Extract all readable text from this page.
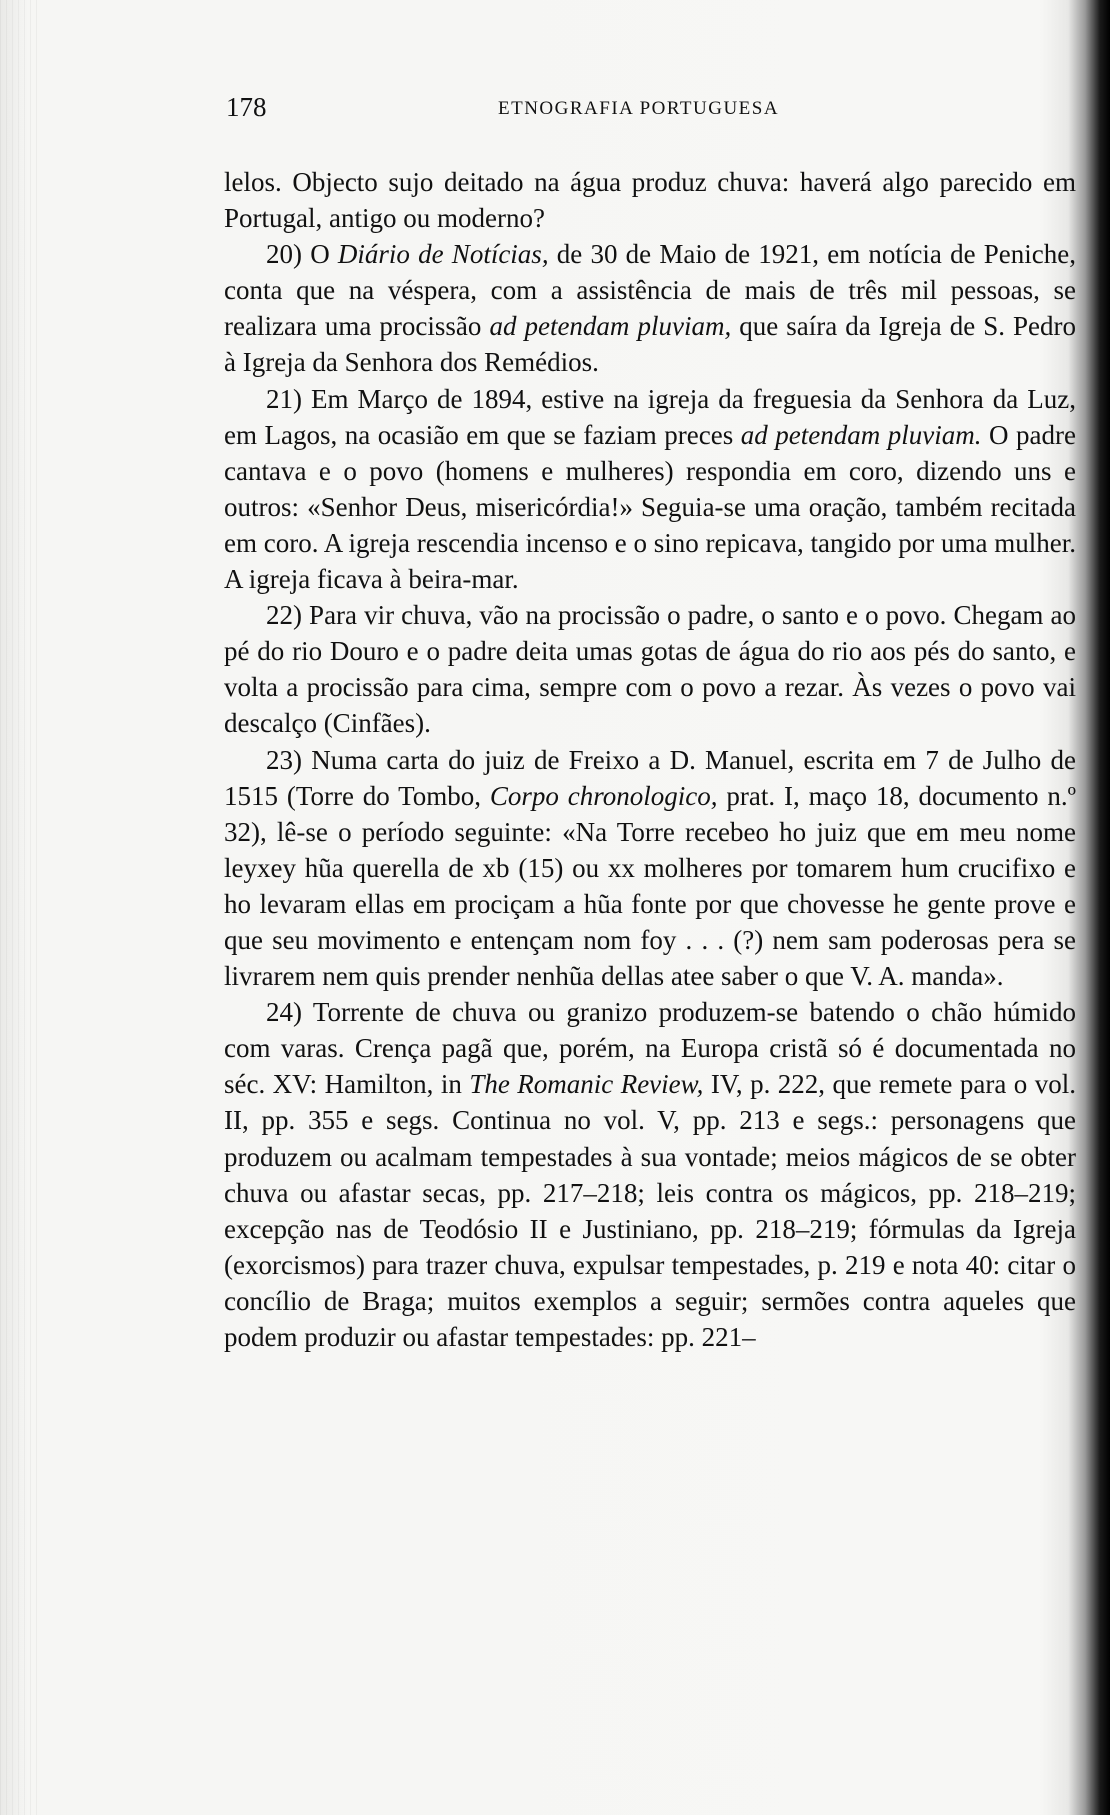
178	ETNOGRAFIA PORTUGUESA

lelos. Objecto sujo deitado na água produz chuva: haverá algo parecido em Portugal, antigo ou moderno?

20) O Diário de Notícias, de 30 de Maio de 1921, em notícia de Peniche, conta que na véspera, com a assistência de mais de três mil pessoas, se realizara uma procissão ad petendam pluviam, que saíra da Igreja de S. Pedro à Igreja da Senhora dos Remédios.

21) Em Março de 1894, estive na igreja da freguesia da Senhora da Luz, em Lagos, na ocasião em que se faziam preces ad petendam pluviam. O padre cantava e o povo (homens e mulheres) respondia em coro, dizendo uns e outros: «Senhor Deus, misericórdia!» Seguia-se uma oração, também recitada em coro. A igreja rescendia incenso e o sino repicava, tangido por uma mulher. A igreja ficava à beira-mar.

22) Para vir chuva, vão na procissão o padre, o santo e o povo. Chegam ao pé do rio Douro e o padre deita umas gotas de água do rio aos pés do santo, e volta a procissão para cima, sempre com o povo a rezar. Às vezes o povo vai descalço (Cinfães).

23) Numa carta do juiz de Freixo a D. Manuel, escrita em 7 de Julho de 1515 (Torre do Tombo, Corpo chronologico, prat. I, maço 18, documento n.º 32), lê-se o período seguinte: «Na Torre recebeo ho juiz que em meu nome leyxey hũa querella de xb (15) ou xx molheres por tomarem hum crucifixo e ho levaram ellas em prociçam a hũa fonte por que chovesse he gente prove e que seu movimento e entençam nom foy . . . (?) nem sam poderosas pera se livrarem nem quis prender nenhũa dellas atee saber o que V. A. manda».

24) Torrente de chuva ou granizo produzem-se batendo o chão húmido com varas. Crença pagã que, porém, na Europa cristã só é documentada no séc. XV: Hamilton, in The Romanic Review, IV, p. 222, que remete para o vol. II, pp. 355 e segs. Continua no vol. V, pp. 213 e segs.: personagens que produzem ou acalmam tempestades à sua vontade; meios mágicos de se obter chuva ou afastar secas, pp. 217–218; leis contra os mágicos, pp. 218–219; excepção nas de Teodósio II e Justiniano, pp. 218–219; fórmulas da Igreja (exorcismos) para trazer chuva, expulsar tempestades, p. 219 e nota 40: citar o concílio de Braga; muitos exemplos a seguir; sermões contra aqueles que podem produzir ou afastar tempestades: pp. 221–
